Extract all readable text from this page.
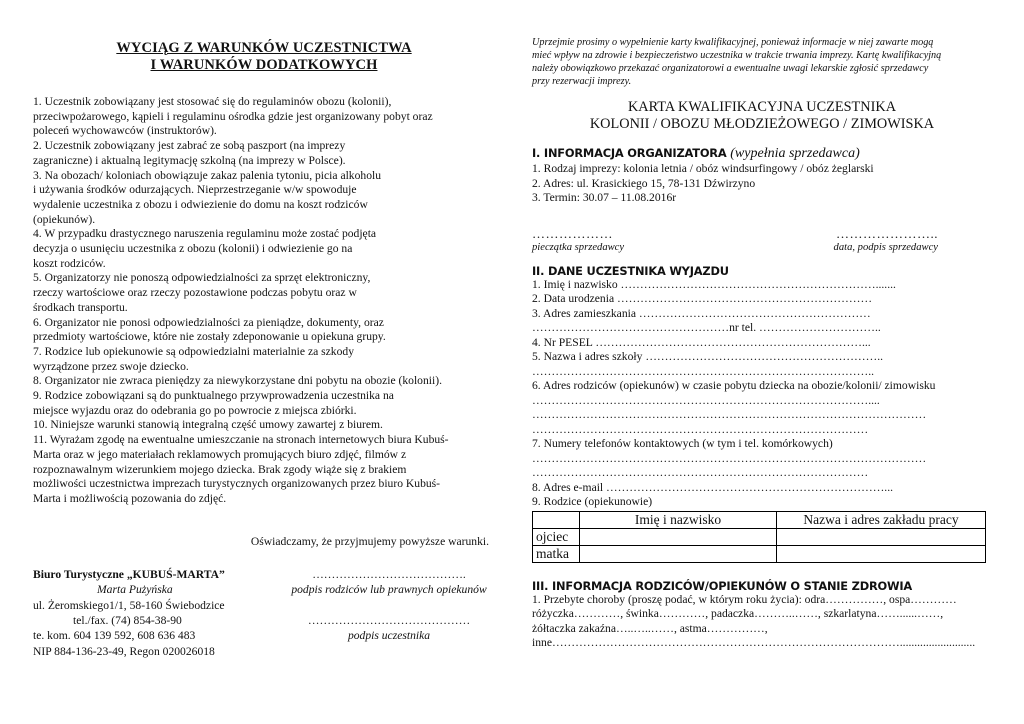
WYCIĄG Z WARUNKÓW UCZESTNICTWA
I WARUNKÓW DODATKOWYCH
1. Uczestnik zobowiązany jest stosować się do regulaminów obozu (kolonii),
przeciwpożarowego, kąpieli i regulaminu ośrodka gdzie jest organizowany pobyt oraz
poleceń wychowawców (instruktorów).
2. Uczestnik zobowiązany jest zabrać ze sobą paszport (na imprezy
zagraniczne) i aktualną legitymację szkolną (na imprezy w Polsce).
3. Na obozach/ koloniach obowiązuje zakaz palenia tytoniu, picia alkoholu
i używania środków odurzających. Nieprzestrzeganie w/w spowoduje
wydalenie uczestnika z obozu i odwiezienie do domu na koszt rodziców
(opiekunów).
4. W przypadku drastycznego naruszenia regulaminu może zostać podjęta
decyzja o usunięciu uczestnika z obozu (kolonii) i odwiezienie go na
koszt rodziców.
5. Organizatorzy nie ponoszą odpowiedzialności za sprzęt elektroniczny,
rzeczy wartościowe oraz rzeczy pozostawione podczas pobytu oraz w
środkach transportu.
6. Organizator nie ponosi odpowiedzialności za pieniądze, dokumenty, oraz
przedmioty wartościowe, które nie zostały zdeponowanie u opiekuna grupy.
7. Rodzice lub opiekunowie są odpowiedzialni materialnie za szkody
wyrządzone przez swoje dziecko.
8. Organizator nie zwraca pieniędzy za niewykorzystane dni pobytu na obozie (kolonii).
9. Rodzice zobowiązani są do punktualnego przywprowadzenia uczestnika na
miejsce wyjazdu oraz do odebrania go po powrocie z miejsca zbiórki.
10. Niniejsze warunki stanowią integralną część umowy zawartej z biurem.
11. Wyrażam zgodę na ewentualne umieszczanie na stronach internetowych biura Kubuś-
Marta oraz w jego materiałach reklamowych promujących biuro zdjęć, filmów z
rozpoznawalnym wizerunkiem mojego dziecka. Brak zgody wiąże się z brakiem
możliwości uczestnictwa imprezach turystycznych organizowanych przez biuro Kubuś-
Marta i możliwością pozowania do zdjęć.
Oświadczamy, że przyjmujemy powyższe warunki.
Biuro Turystyczne „KUBUŚ-MARTA”
Marta Pużyńska
ul. Żeromskiego1/1, 58-160 Świebodzice
tel./fax. (74) 854-38-90
te. kom. 604 139 592, 608 636 483
NIP 884-136-23-49, Regon 020026018
………………………………….
podpis rodziców lub prawnych opiekunów
……………………………………
podpis uczestnika
Uprzejmie prosimy o wypełnienie karty kwalifikacyjnej, ponieważ informacje w niej zawarte mogą
mieć wpływ na zdrowie i bezpieczeństwo uczestnika w trakcie trwania imprezy. Kartę kwalifikacyjną
należy obowiązkowo przekazać organizatorowi a ewentualne uwagi lekarskie zgłosić sprzedawcy
przy rezerwacji imprezy.
KARTA KWALIFIKACYJNA UCZESTNIKA
KOLONII / OBOZU MŁODZIEŻOWEGO / ZIMOWISKA
I. INFORMACJA ORGANIZATORA (wypełnia sprzedawca)
1. Rodzaj imprezy: kolonia letnia / obóz windsurfingowy / obóz żeglarski
2. Adres: ul. Krasickiego 15, 78-131 Dźwirzyno
3. Termin: 30.07 – 11.08.2016r
………………
pieczątka sprzedawcy
…………………..
data, podpis sprzedawcy
II. DANE UCZESTNIKA WYJAZDU
1. Imię i nazwisko ………………………………………………………….......
2. Data urodzenia …………………………………………………………
3. Adres zamieszkania ……………………………………………………
……………………………………………nr tel. …………………………..
4. Nr PESEL ……………………………………………………………...
5. Nazwa i adres szkoły ……………………………………………………..
……………………………………………………………………………..
6. Adres rodziców (opiekunów) w czasie pobytu dziecka na obozie/kolonii/ zimowisku
……………………………………………………………………………....
…………………………………………………………………………………………
……………………………………………………………………………
7. Numery telefonów kontaktowych (w tym i tel. komórkowych)
…………………………………………………………………………………………
……………………………………………………………………………
8. Adres e-mail ………………………………………………………………...
9. Rodzice (opiekunowie)
	Imię i nazwisko	Nazwa i adres zakładu pracy
ojciec		
matka		
III. INFORMACJA RODZICÓW/OPIEKUNÓW O STANIE ZDROWIA
1. Przebyte choroby (proszę podać, w którym roku życia): odra……………, ospa…………
różyczka…………, świnka…………, padaczka………..……, szkarlatyna……......……,
żółtaczka zakaźna…..…..……, astma……………,
inne………………………………………………………………………………..........................
